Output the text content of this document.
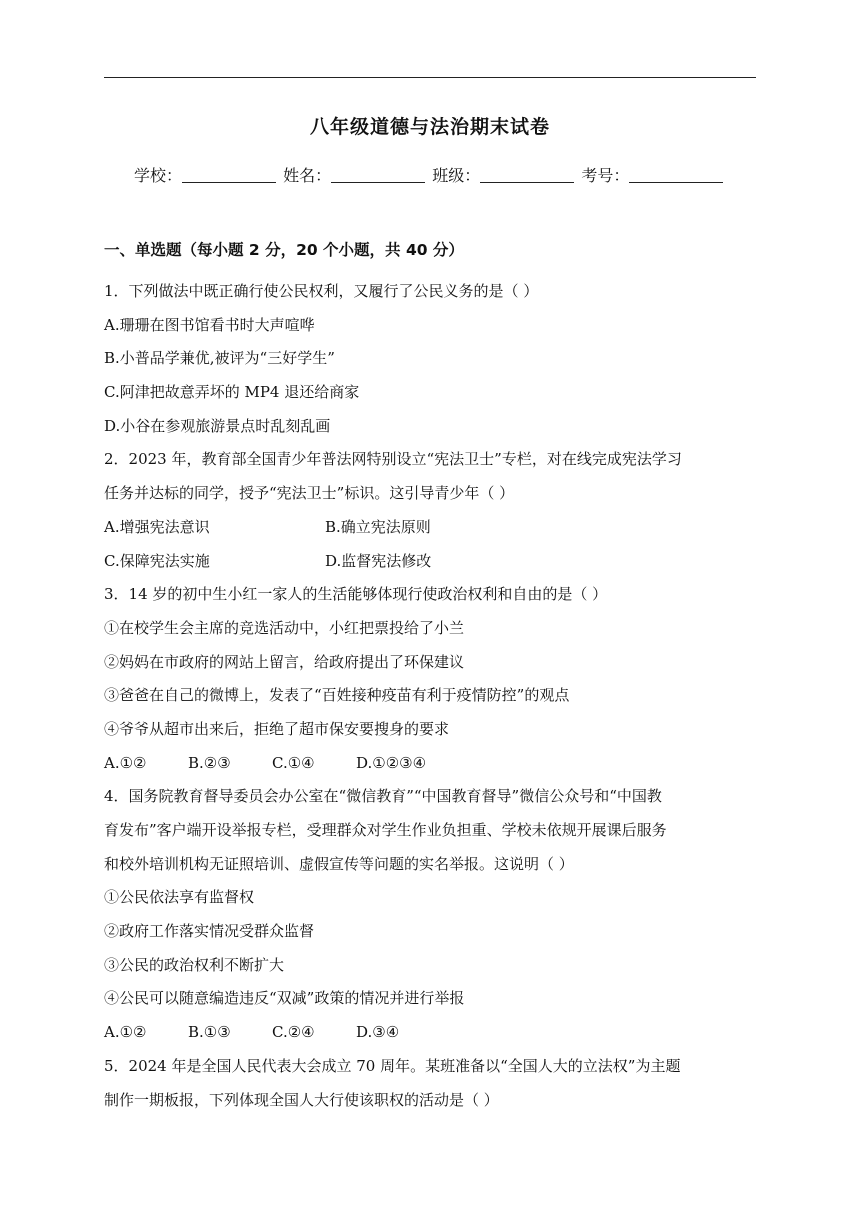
八年级道德与法治期末试卷
学校：	姓名：	班级：	考号：
一、单选题（每小题 2 分，20 个小题，共 40 分）
1．下列做法中既正确行使公民权利，又履行了公民义务的是（ ）
A.珊珊在图书馆看书时大声喧哗
B.小普品学兼优,被评为“三好学生”
C.阿津把故意弄坏的 MP4 退还给商家
D.小谷在参观旅游景点时乱刻乱画
2．2023 年，教育部全国青少年普法网特别设立“宪法卫士”专栏，对在线完成宪法学习
任务并达标的同学，授予“宪法卫士”标识。这引导青少年（ ）
A.增强宪法意识	B.确立宪法原则
C.保障宪法实施	D.监督宪法修改
3．14 岁的初中生小红一家人的生活能够体现行使政治权利和自由的是（ ）
①在校学生会主席的竞选活动中，小红把票投给了小兰
②妈妈在市政府的网站上留言，给政府提出了环保建议
③爸爸在自己的微博上，发表了“百姓接种疫苗有利于疫情防控”的观点
④爷爷从超市出来后，拒绝了超市保安要搜身的要求
A.①②	B.②③	C.①④	D.①②③④
4．国务院教育督导委员会办公室在“微信教育”“中国教育督导”微信公众号和“中国教
育发布”客户端开设举报专栏，受理群众对学生作业负担重、学校未依规开展课后服务
和校外培训机构无证照培训、虚假宣传等问题的实名举报。这说明（ ）
①公民依法享有监督权
②政府工作落实情况受群众监督
③公民的政治权利不断扩大
④公民可以随意编造违反“双减”政策的情况并进行举报
A.①②	B.①③	C.②④	D.③④
5．2024 年是全国人民代表大会成立 70 周年。某班准备以“全国人大的立法权”为主题
制作一期板报，下列体现全国人大行使该职权的活动是（ ）
